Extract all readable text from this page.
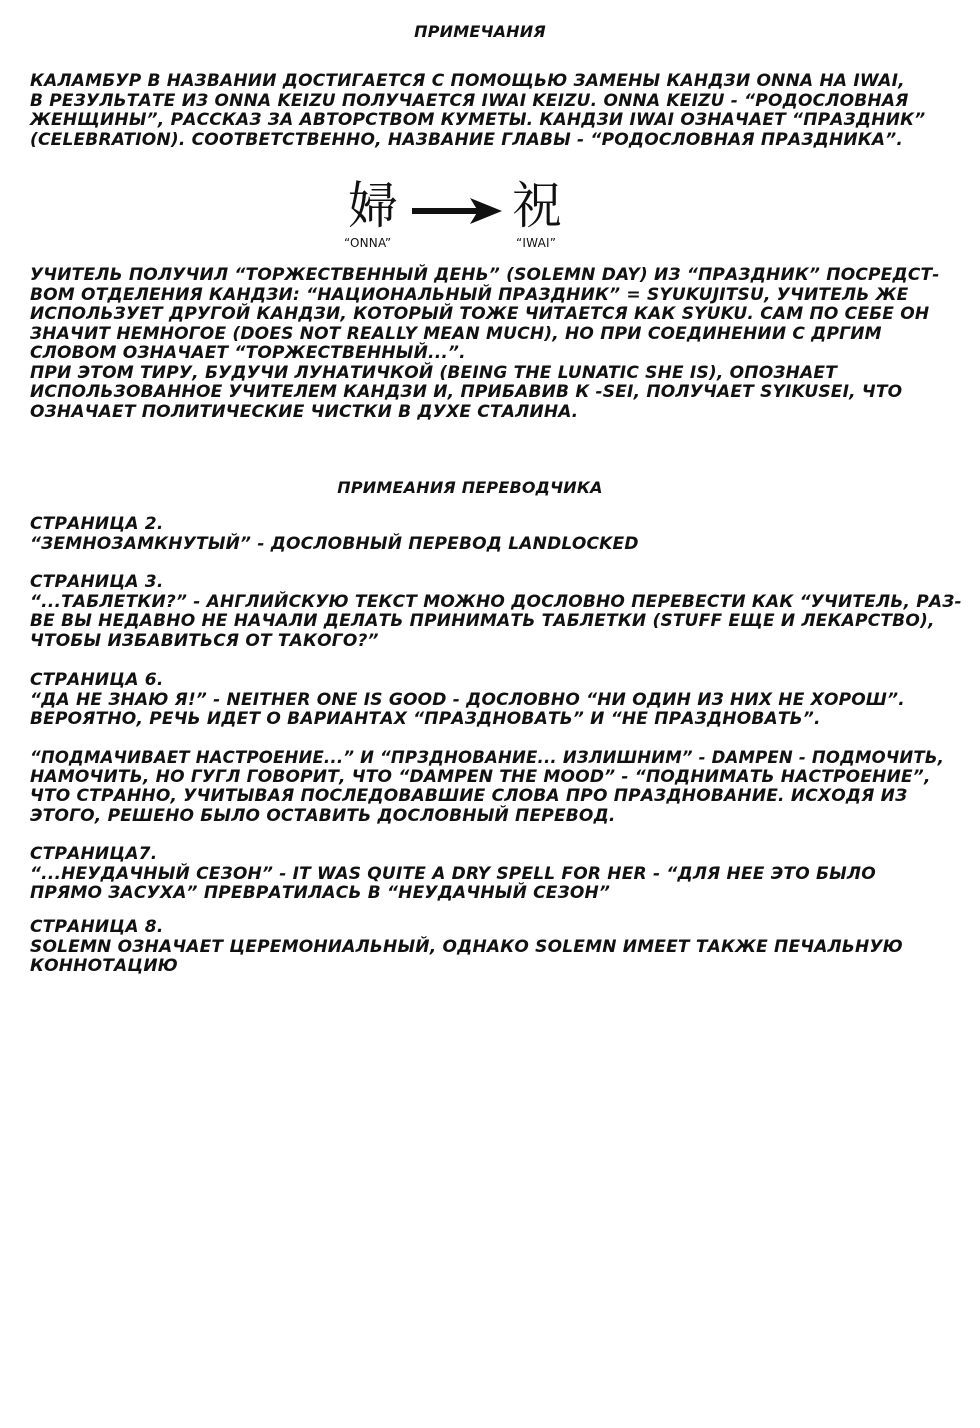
ПРИМЕЧАНИЯ
КАЛАМБУР В НАЗВАНИИ ДОСТИГАЕТСЯ С ПОМОЩЬЮ ЗАМЕНЫ КАНДЗИ ONNA НА IWAI,
В РЕЗУЛЬТАТЕ ИЗ ONNA KEIZU ПОЛУЧАЕТСЯ IWAI KEIZU. ONNA KEIZU - “РОДОСЛОВНАЯ
ЖЕНЩИНЫ”, РАССКАЗ ЗА АВТОРСТВОМ КУМЕТЫ. КАНДЗИ IWAI ОЗНАЧАЕТ “ПРАЗДНИК”
(CELEBRATION). СООТВЕТСТВЕННО, НАЗВАНИЕ ГЛАВЫ - “РОДОСЛОВНАЯ ПРАЗДНИКА”.
婦 祝
“ONNA”	“IWAI”
УЧИТЕЛЬ ПОЛУЧИЛ “ТОРЖЕСТВЕННЫЙ ДЕНЬ” (SOLEMN DAY) ИЗ “ПРАЗДНИК” ПОСРЕДСТ-
ВОМ ОТДЕЛЕНИЯ КАНДЗИ: “НАЦИОНАЛЬНЫЙ ПРАЗДНИК” = SYUKUJITSU, УЧИТЕЛЬ ЖЕ
ИСПОЛЬЗУЕТ ДРУГОЙ КАНДЗИ, КОТОРЫЙ ТОЖЕ ЧИТАЕТСЯ КАК SYUKU. САМ ПО СЕБЕ ОН
ЗНАЧИТ НЕМНОГОЕ (DOES NOT REALLY MEAN MUCH), НО ПРИ СОЕДИНЕНИИ С ДРГИМ
СЛОВОМ ОЗНАЧАЕТ “ТОРЖЕСТВЕННЫЙ...”.
ПРИ ЭТОМ ТИРУ, БУДУЧИ ЛУНАТИЧКОЙ (BEING THE LUNATIC SHE IS), ОПОЗНАЕТ
ИСПОЛЬЗОВАННОЕ УЧИТЕЛЕМ КАНДЗИ И, ПРИБАВИВ К -SEI, ПОЛУЧАЕТ SYIKUSEI, ЧТО
ОЗНАЧАЕТ ПОЛИТИЧЕСКИЕ ЧИСТКИ В ДУХЕ СТАЛИНА.
ПРИМЕАНИЯ ПЕРЕВОДЧИКА
СТРАНИЦА 2.
“ЗЕМНОЗАМКНУТЫЙ” - ДОСЛОВНЫЙ ПЕРЕВОД LANDLOCKED
СТРАНИЦА 3.
“...ТАБЛЕТКИ?” - АНГЛИЙСКУЮ ТЕКСТ МОЖНО ДОСЛОВНО ПЕРЕВЕСТИ КАК “УЧИТЕЛЬ, РАЗ-
ВЕ ВЫ НЕДАВНО НЕ НАЧАЛИ ДЕЛАТЬ ПРИНИМАТЬ ТАБЛЕТКИ (STUFF ЕЩЕ И ЛЕКАРСТВО),
ЧТОБЫ ИЗБАВИТЬСЯ ОТ ТАКОГО?”
СТРАНИЦА 6.
“ДА НЕ ЗНАЮ Я!” - NEITHER ONE IS GOOD - ДОСЛОВНО “НИ ОДИН ИЗ НИХ НЕ ХОРОШ”.
ВЕРОЯТНО, РЕЧЬ ИДЕТ О ВАРИАНТАХ “ПРАЗДНОВАТЬ” И “НЕ ПРАЗДНОВАТЬ”.
“ПОДМАЧИВАЕТ НАСТРОЕНИЕ...” И “ПРЗДНОВАНИЕ... ИЗЛИШНИМ” - DAMPEN - ПОДМОЧИТЬ,
НАМОЧИТЬ, НО ГУГЛ ГОВОРИТ, ЧТО “DAMPEN THE MOOD” - “ПОДНИМАТЬ НАСТРОЕНИЕ”,
ЧТО СТРАННО, УЧИТЫВАЯ ПОСЛЕДОВАВШИЕ СЛОВА ПРО ПРАЗДНОВАНИЕ. ИСХОДЯ ИЗ
ЭТОГО, РЕШЕНО БЫЛО ОСТАВИТЬ ДОСЛОВНЫЙ ПЕРЕВОД.
СТРАНИЦА7.
“...НЕУДАЧНЫЙ СЕЗОН” - IT WAS QUITE A DRY SPELL FOR HER - “ДЛЯ НЕЕ ЭТО БЫЛО
ПРЯМО ЗАСУХА” ПРЕВРАТИЛАСЬ В “НЕУДАЧНЫЙ СЕЗОН”
СТРАНИЦА 8.
SOLEMN ОЗНАЧАЕТ ЦЕРЕМОНИАЛЬНЫЙ, ОДНАКО SOLEMN ИМЕЕТ ТАКЖЕ ПЕЧАЛЬНУЮ
КОННОТАЦИЮ
